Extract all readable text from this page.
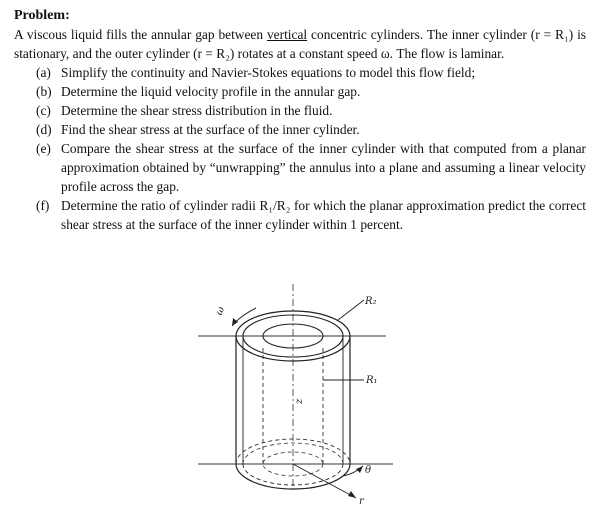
Problem:

A viscous liquid fills the annular gap between vertical concentric cylinders. The inner cylinder (r = R₁) is stationary, and the outer cylinder (r = R₂) rotates at a constant speed ω. The flow is laminar.

(a) Simplify the continuity and Navier-Stokes equations to model this flow field;
(b) Determine the liquid velocity profile in the annular gap.
(c) Determine the shear stress distribution in the fluid.
(d) Find the shear stress at the surface of the inner cylinder.
(e) Compare the shear stress at the surface of the inner cylinder with that computed from a planar approximation obtained by “unwrapping” the annulus into a plane and assuming a linear velocity profile across the gap.
(f) Determine the ratio of cylinder radii R₁/R₂ for which the planar approximation predict the correct shear stress at the surface of the inner cylinder within 1 percent.
R₂
R₁
ω
z
r
θ
